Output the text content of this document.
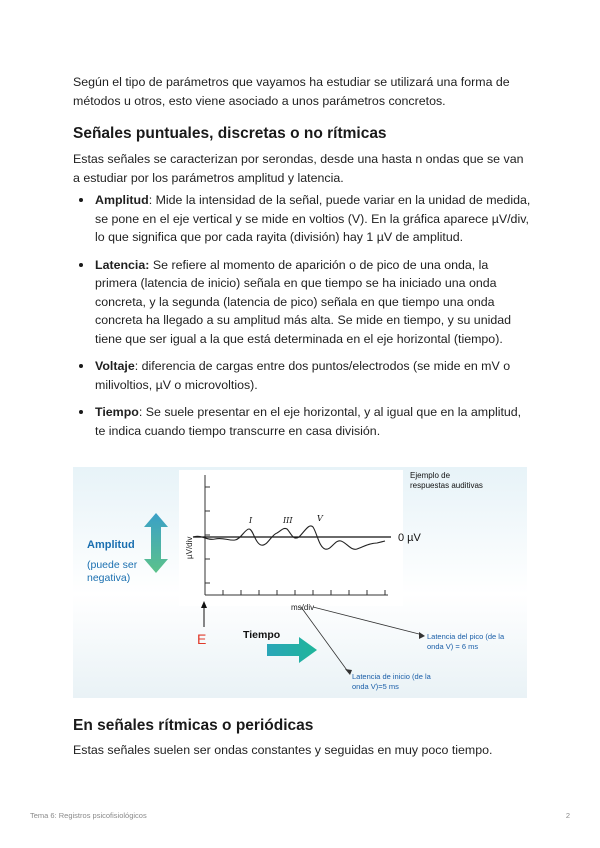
Según el tipo de parámetros que vayamos ha estudiar se utilizará una forma de métodos u otros, esto viene asociado a unos parámetros concretos.

Señales puntuales, discretas o no rítmicas

Estas señales se caracterizan por serondas, desde una hasta n ondas que se van a estudiar por los parámetros amplitud y latencia.

Amplitud: Mide la intensidad de la señal, puede variar en la unidad de medida, se pone en el eje vertical y se mide en voltios (V). En la gráfica aparece µV/div, lo que significa que por cada rayita (división) hay 1 µV de amplitud.
Latencia: Se refiere al momento de aparición o de pico de una onda, la primera (latencia de inicio) señala en que tiempo se ha iniciado una onda concreta, y la segunda (latencia de pico) señala en que tiempo una onda concreta ha llegado a su amplitud más alta. Se mide en tiempo, y su unidad tiene que ser igual a la que está determinada en el eje horizontal (tiempo).
Voltaje: diferencia de cargas entre dos puntos/electrodos (se mide en mV o milivoltios, µV o microvoltios).
Tiempo: Se suele presentar en el eje horizontal, y al igual que en la amplitud, te indica cuando tiempo transcurre en casa división.
I	III	V
µV/div
ms/div
0 µV
Ejemplo de respuestas auditivas
Amplitud
(puede ser negativa)
E	Tiempo	Latencia del pico (de la onda V) = 6 ms
Latencia de inicio (de la onda V)=5 ms
En señales rítmicas o periódicas

Estas señales suelen ser ondas constantes y seguidas en muy poco tiempo.

Tema 6: Registros psicofisiológicos	2
